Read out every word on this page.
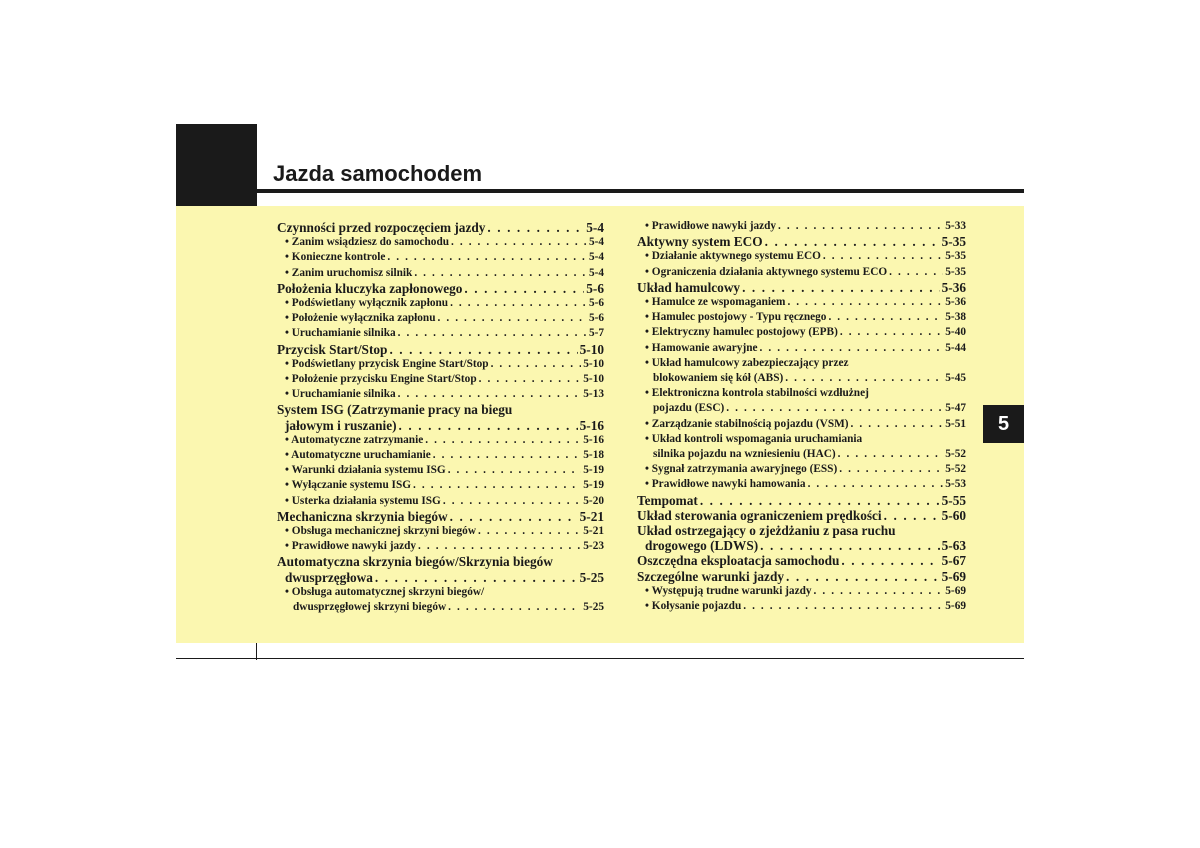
Jazda samochodem
5
Czynności przed rozpoczęciem jazdy . . .	5-4
• Zanim wsiądziesz do samochodu . . .	5-4
• Konieczne kontrole . . .	5-4
• Zanim uruchomisz silnik . . .	5-4
Położenia kluczyka zapłonowego . . .	5-6
• Podświetlany wyłącznik zapłonu . . .	5-6
• Położenie wyłącznika zapłonu . . .	5-6
• Uruchamianie silnika . . .	5-7
Przycisk Start/Stop . . .	5-10
• Podświetlany przycisk Engine Start/Stop . . .	5-10
• Położenie przycisku Engine Start/Stop . . .	5-10
• Uruchamianie silnika . . .	5-13
System ISG (Zatrzymanie pracy na biegu
jałowym i ruszanie) . . .	5-16
• Automatyczne zatrzymanie . . .	5-16
• Automatyczne uruchamianie . . .	5-18
• Warunki działania systemu ISG . . .	5-19
• Wyłączanie systemu ISG . . .	5-19
• Usterka działania systemu ISG . . .	5-20
Mechaniczna skrzynia biegów . . .	5-21
• Obsługa mechanicznej skrzyni biegów . . .	5-21
• Prawidłowe nawyki jazdy . . .	5-23
Automatyczna skrzynia biegów/Skrzynia biegów
dwusprzęgłowa . . .	5-25
• Obsługa automatycznej skrzyni biegów/
dwusprzęgłowej skrzyni biegów . . .	5-25
• Prawidłowe nawyki jazdy . . .	5-33
Aktywny system ECO . . .	5-35
• Działanie aktywnego systemu ECO . . .	5-35
• Ograniczenia działania aktywnego systemu ECO . . .	5-35
Układ hamulcowy . . .	5-36
• Hamulce ze wspomaganiem . . .	5-36
• Hamulec postojowy - Typu ręcznego . . .	5-38
• Elektryczny hamulec postojowy (EPB) . . .	5-40
• Hamowanie awaryjne . . .	5-44
• Układ hamulcowy zabezpieczający przez
blokowaniem się kół (ABS) . . .	5-45
• Elektroniczna kontrola stabilności wzdłużnej
pojazdu (ESC) . . .	5-47
• Zarządzanie stabilnością pojazdu (VSM) . . .	5-51
• Układ kontroli wspomagania uruchamiania
silnika pojazdu na wzniesieniu (HAC) . . .	5-52
• Sygnał zatrzymania awaryjnego (ESS) . . .	5-52
• Prawidłowe nawyki hamowania . . .	5-53
Tempomat . . .	5-55
Układ sterowania ograniczeniem prędkości . . .	5-60
Układ ostrzegający o zjeżdżaniu z pasa ruchu
drogowego (LDWS) . . .	5-63
Oszczędna eksploatacja samochodu . . .	5-67
Szczególne warunki jazdy . . .	5-69
• Występują trudne warunki jazdy . . .	5-69
• Kołysanie pojazdu . . .	5-69
